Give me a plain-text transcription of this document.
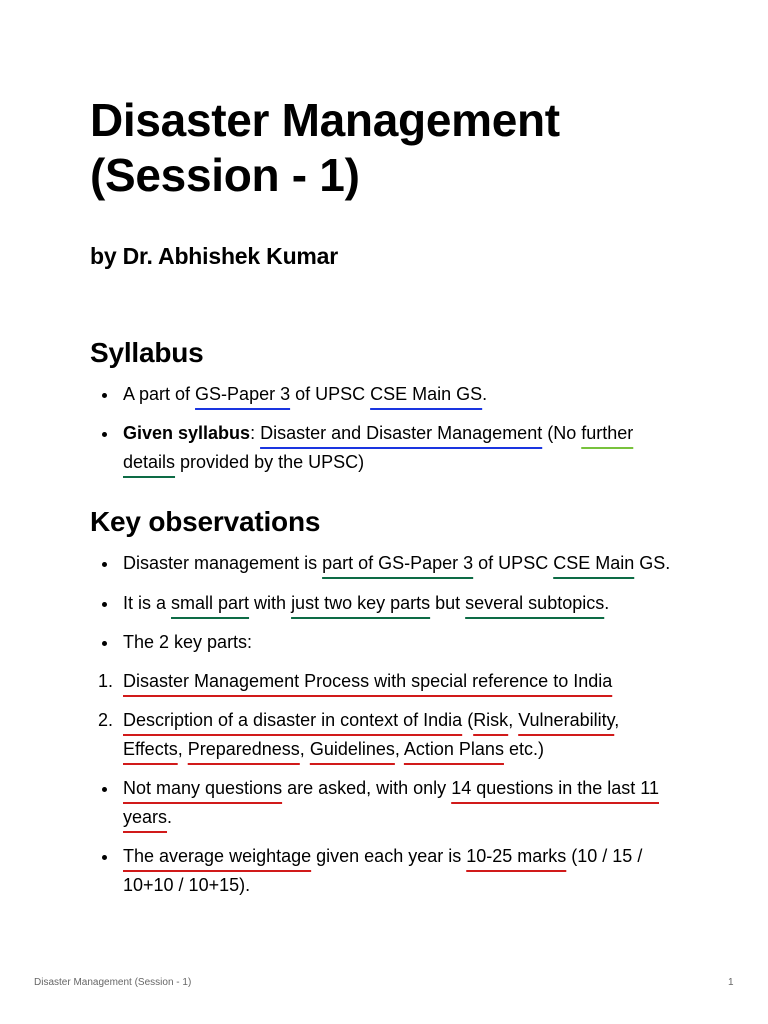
Disaster Management
(Session - 1)
by Dr. Abhishek Kumar
Syllabus
A part of GS-Paper 3 of UPSC CSE Main GS.
Given syllabus: Disaster and Disaster Management (No further details provided by the UPSC)
Key observations
Disaster management is part of GS-Paper 3 of UPSC CSE Main GS.
It is a small part with just two key parts but several subtopics.
The 2 key parts:
1. Disaster Management Process with special reference to India
2. Description of a disaster in context of India (Risk, Vulnerability, Effects, Preparedness, Guidelines, Action Plans etc.)
Not many questions are asked, with only 14 questions in the last 11 years.
The average weightage given each year is 10-25 marks (10 / 15 / 10+10 / 10+15).
Disaster Management (Session - 1)	1
